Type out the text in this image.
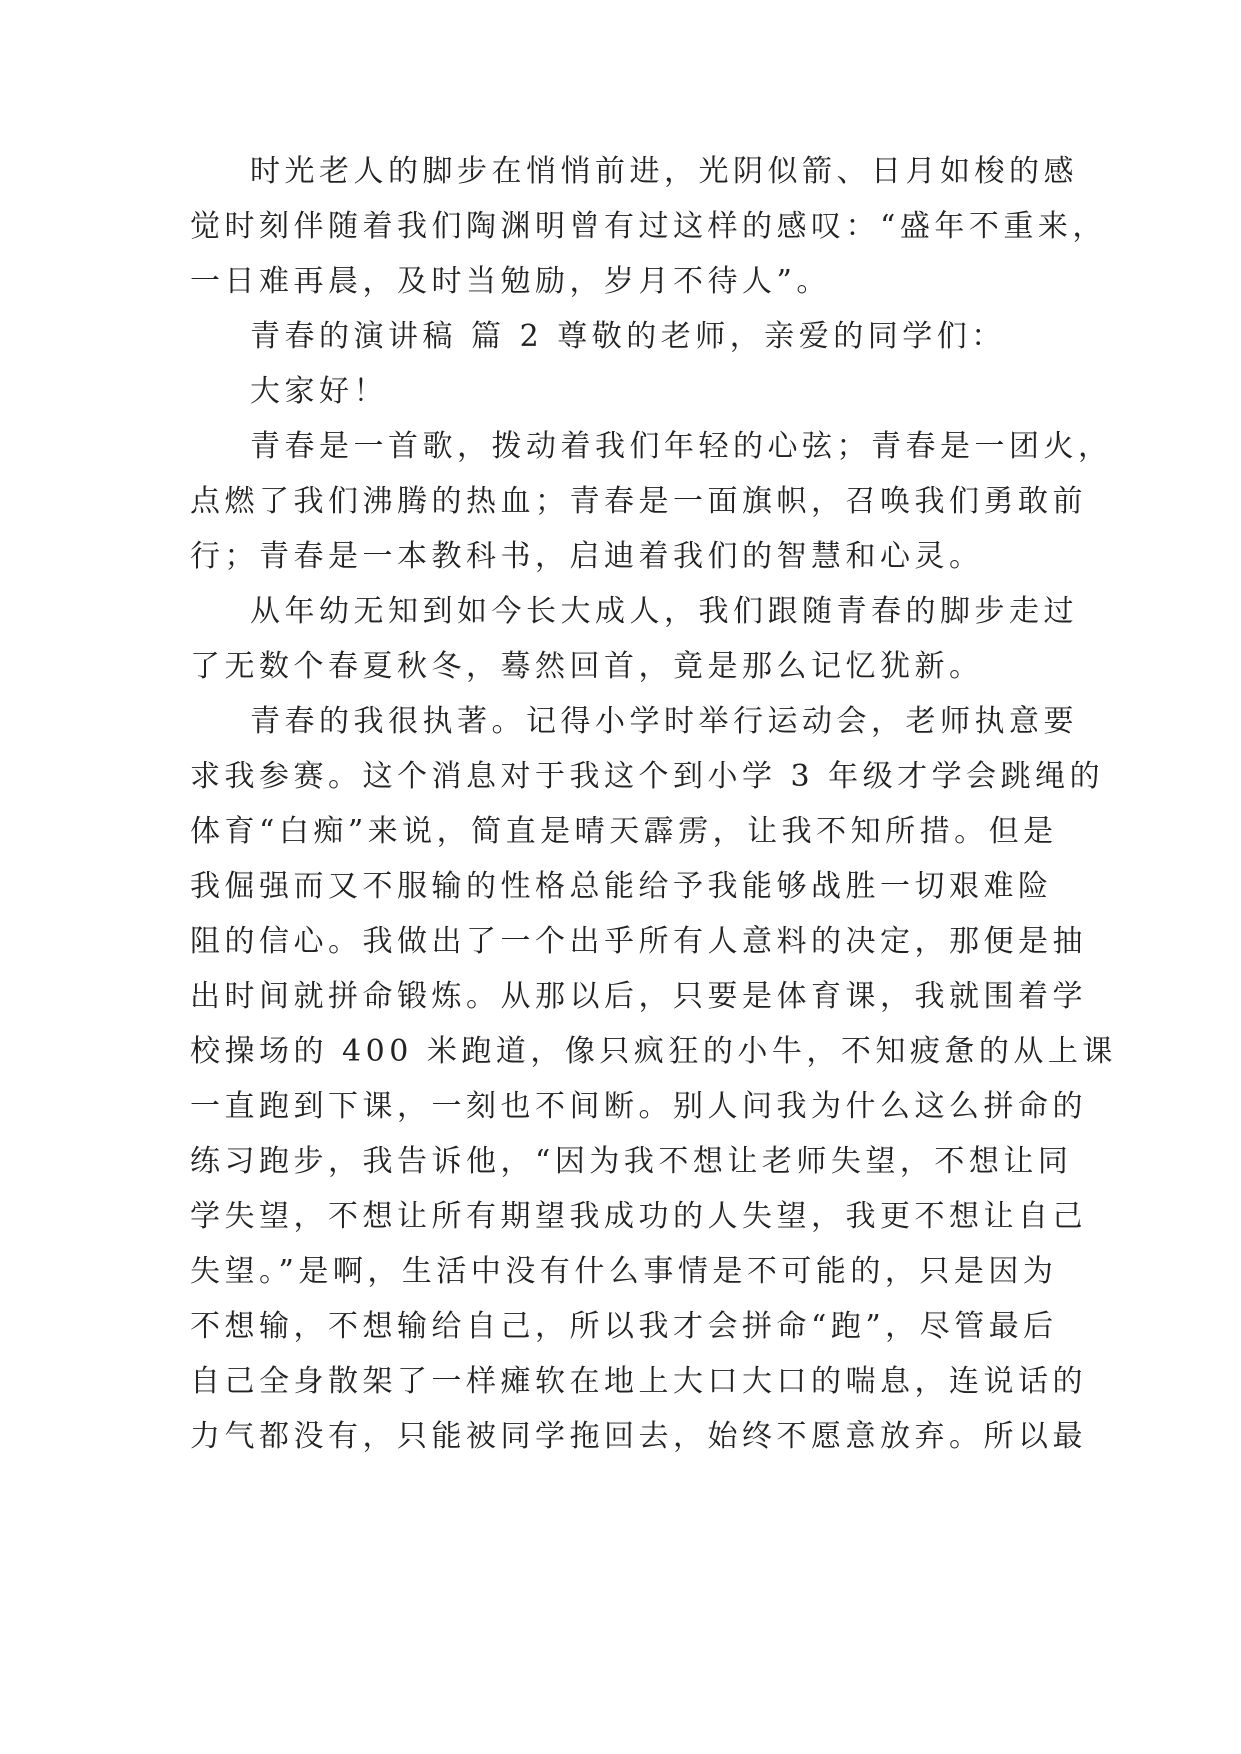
时光老人的脚步在悄悄前进，光阴似箭、日月如梭的感
觉时刻伴随着我们陶渊明曾有过这样的感叹：“盛年不重来，
一日难再晨，及时当勉励，岁月不待人”。
青春的演讲稿 篇 2 尊敬的老师，亲爱的同学们：
大家好！
青春是一首歌，拨动着我们年轻的心弦；青春是一团火，
点燃了我们沸腾的热血；青春是一面旗帜，召唤我们勇敢前
行；青春是一本教科书，启迪着我们的智慧和心灵。
从年幼无知到如今长大成人，我们跟随青春的脚步走过
了无数个春夏秋冬，蓦然回首，竟是那么记忆犹新。
青春的我很执著。记得小学时举行运动会，老师执意要
求我参赛。这个消息对于我这个到小学 3 年级才学会跳绳的
体育“白痴”来说，简直是晴天霹雳，让我不知所措。但是
我倔强而又不服输的性格总能给予我能够战胜一切艰难险
阻的信心。我做出了一个出乎所有人意料的决定，那便是抽
出时间就拼命锻炼。从那以后，只要是体育课，我就围着学
校操场的 400 米跑道，像只疯狂的小牛，不知疲惫的从上课
一直跑到下课，一刻也不间断。别人问我为什么这么拼命的
练习跑步，我告诉他，“因为我不想让老师失望，不想让同
学失望，不想让所有期望我成功的人失望，我更不想让自己
失望。”是啊，生活中没有什么事情是不可能的，只是因为
不想输，不想输给自己，所以我才会拼命“跑”，尽管最后
自己全身散架了一样瘫软在地上大口大口的喘息，连说话的
力气都没有，只能被同学拖回去，始终不愿意放弃。所以最
